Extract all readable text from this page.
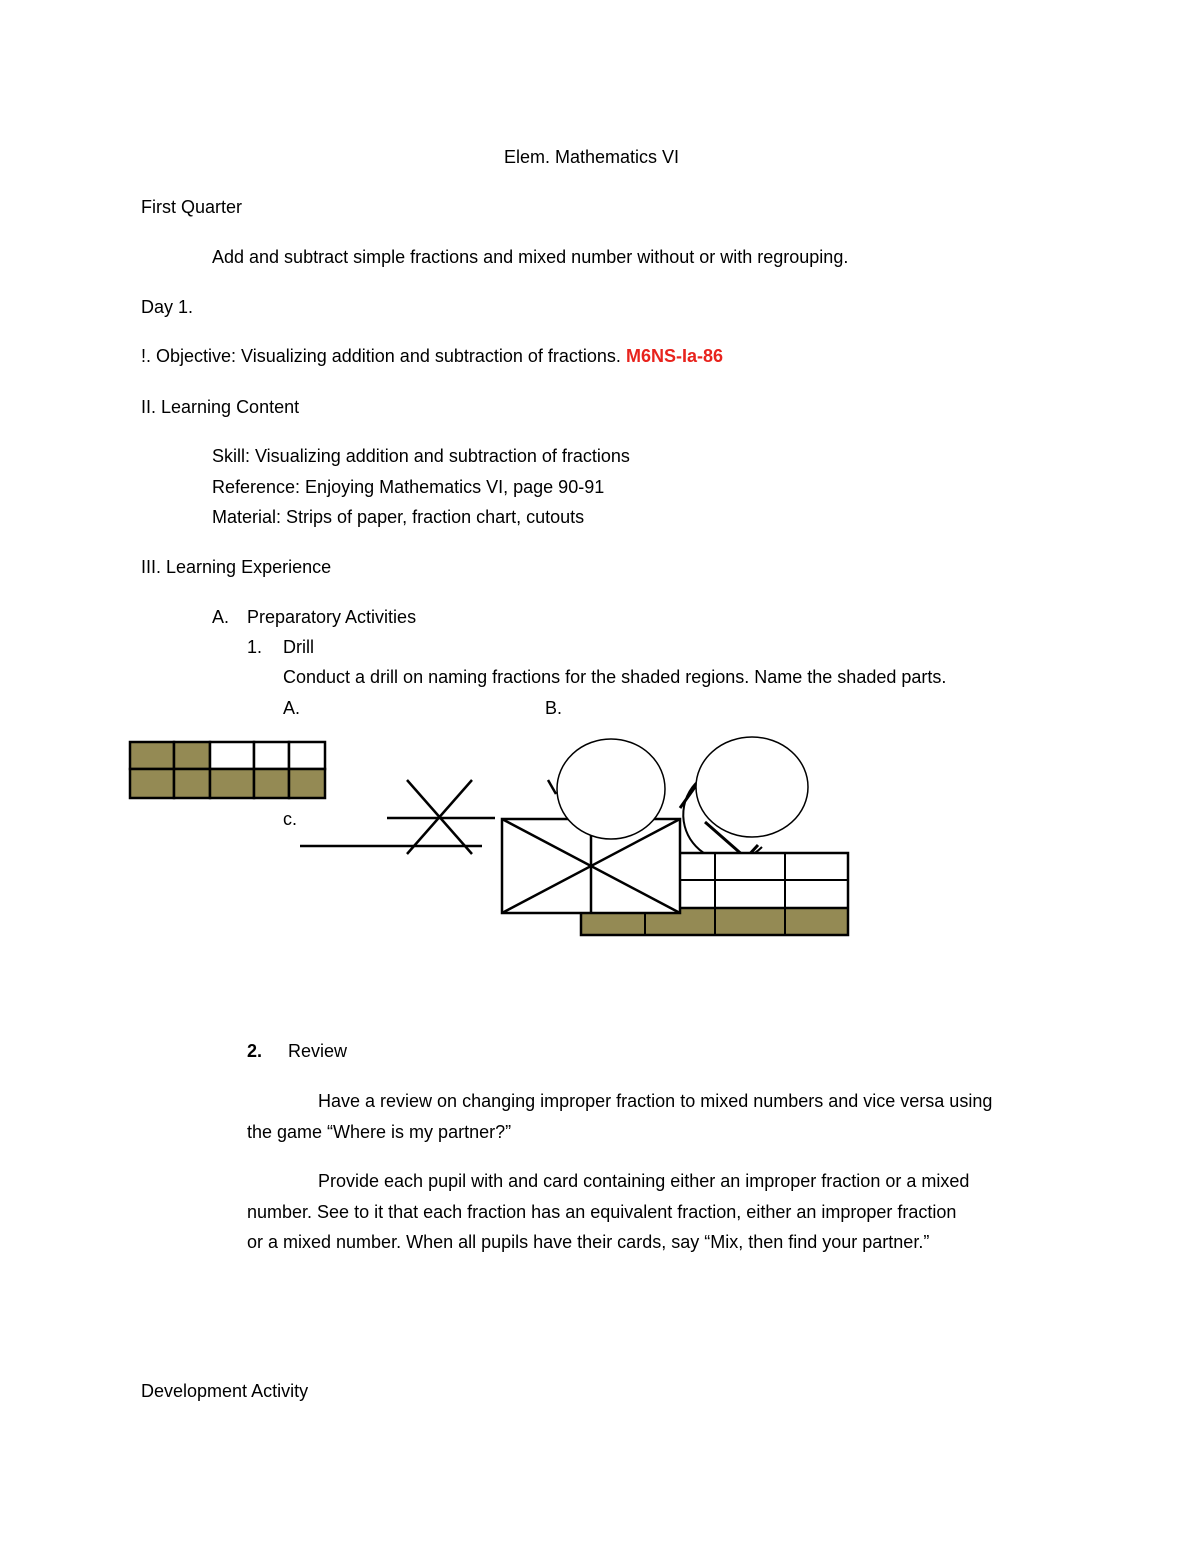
Elem. Mathematics VI
First Quarter
Add and subtract simple fractions and mixed number without or with regrouping.
Day 1.
!. Objective: Visualizing addition and subtraction of fractions. M6NS-Ia-86
II. Learning Content
Skill: Visualizing addition and subtraction of fractions
Reference: Enjoying Mathematics VI, page 90-91
Material: Strips of paper, fraction chart, cutouts
III. Learning Experience
A. Preparatory Activities
1. Drill
Conduct a drill on naming fractions for the shaded regions. Name the shaded parts.
A.	B.
c.
2. Review
Have a review on changing improper fraction to mixed numbers and vice versa using
the game “Where is my partner?”
Provide each pupil with and card containing either an improper fraction or a mixed
number. See to it that each fraction has an equivalent fraction, either an improper fraction
or a mixed number. When all pupils have their cards, say “Mix, then find your partner.”
Development Activity
